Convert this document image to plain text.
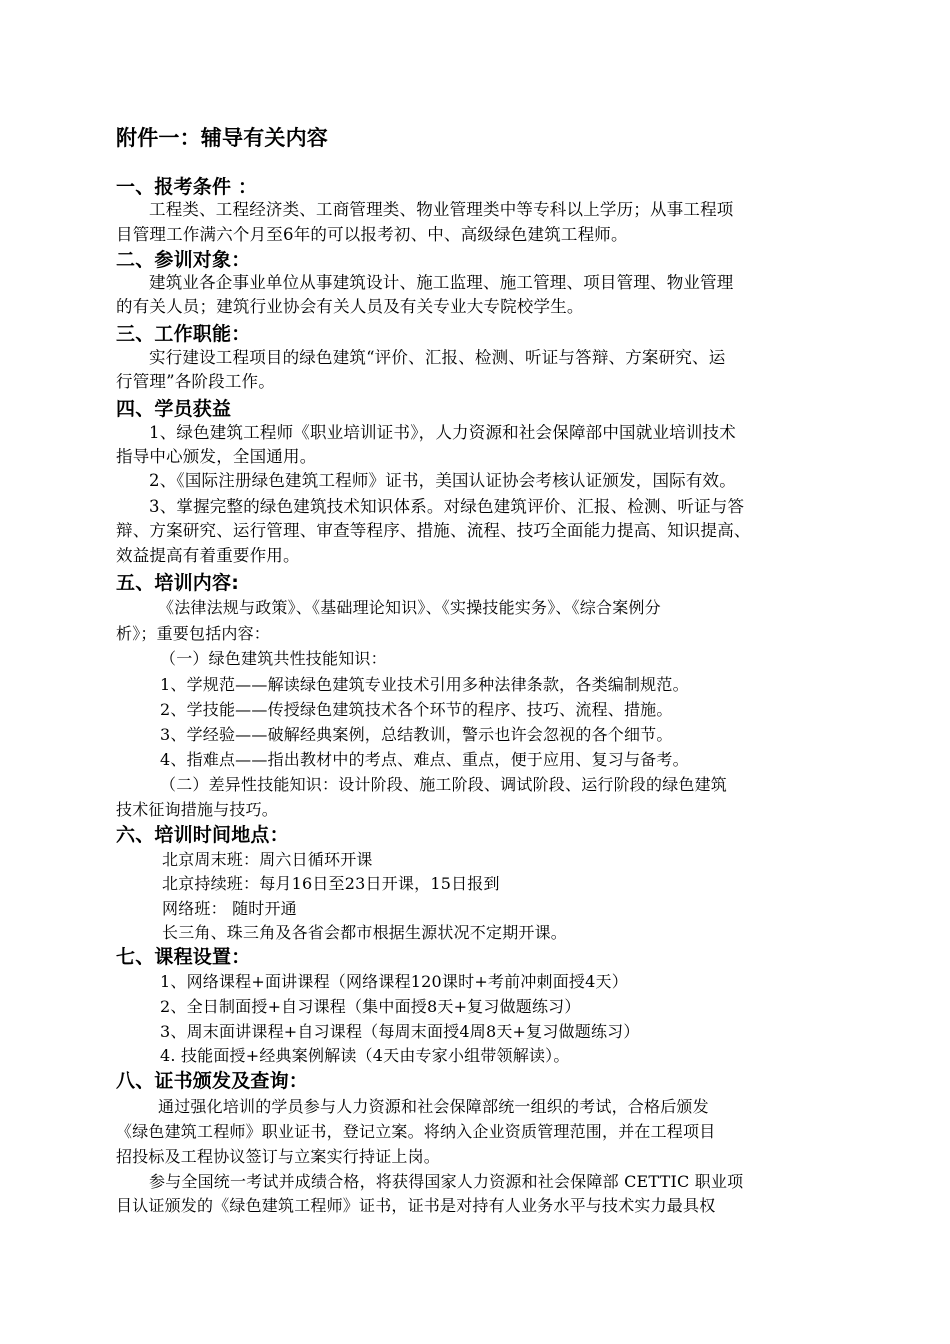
附件一：辅导有关内容
一、报考条件 ：
工程类、工程经济类、工商管理类、物业管理类中等专科以上学历；从事工程项
目管理工作满六个月至6年的可以报考初、中、高级绿色建筑工程师。
二、参训对象：
建筑业各企事业单位从事建筑设计、施工监理、施工管理、项目管理、物业管理
的有关人员；建筑行业协会有关人员及有关专业大专院校学生。
三、工作职能：
实行建设工程项目的绿色建筑“评价、汇报、检测、听证与答辩、方案研究、运
行管理”各阶段工作。
四、学员获益
1、绿色建筑工程师《职业培训证书》，人力资源和社会保障部中国就业培训技术
指导中心颁发，全国通用。
2、《国际注册绿色建筑工程师》证书，美国认证协会考核认证颁发，国际有效。
3、掌握完整的绿色建筑技术知识体系。对绿色建筑评价、汇报、检测、听证与答
辩、方案研究、运行管理、审查等程序、措施、流程、技巧全面能力提高、知识提高、
效益提高有着重要作用。
五、培训内容:
《法律法规与政策》、《基础理论知识》、《实操技能实务》、《综合案例分
析》；重要包括内容：
（一）绿色建筑共性技能知识：
1、学规范——解读绿色建筑专业技术引用多种法律条款，各类编制规范。
2、学技能——传授绿色建筑技术各个环节的程序、技巧、流程、措施。
3、学经验——破解经典案例，总结教训，警示也许会忽视的各个细节。
4、指难点——指出教材中的考点、难点、重点，便于应用、复习与备考。
（二）差异性技能知识：设计阶段、施工阶段、调试阶段、运行阶段的绿色建筑
技术征询措施与技巧。
六、培训时间地点：
北京周末班：周六日循环开课
北京持续班：每月16日至23日开课，15日报到
网络班： 随时开通
长三角、珠三角及各省会都市根据生源状况不定期开课。
七、课程设置：
1、网络课程+面讲课程（网络课程120课时+考前冲刺面授4天）
2、全日制面授+自习课程（集中面授8天+复习做题练习）
3、周末面讲课程+自习课程（每周末面授4周8天+复习做题练习）
4. 技能面授+经典案例解读（4天由专家小组带领解读）。
八、证书颁发及查询：
通过强化培训的学员参与人力资源和社会保障部统一组织的考试，合格后颁发
《绿色建筑工程师》职业证书，登记立案。将纳入企业资质管理范围，并在工程项目
招投标及工程协议签订与立案实行持证上岗。
参与全国统一考试并成绩合格，将获得国家人力资源和社会保障部 CETTIC 职业项
目认证颁发的《绿色建筑工程师》证书，证书是对持有人业务水平与技术实力最具权
